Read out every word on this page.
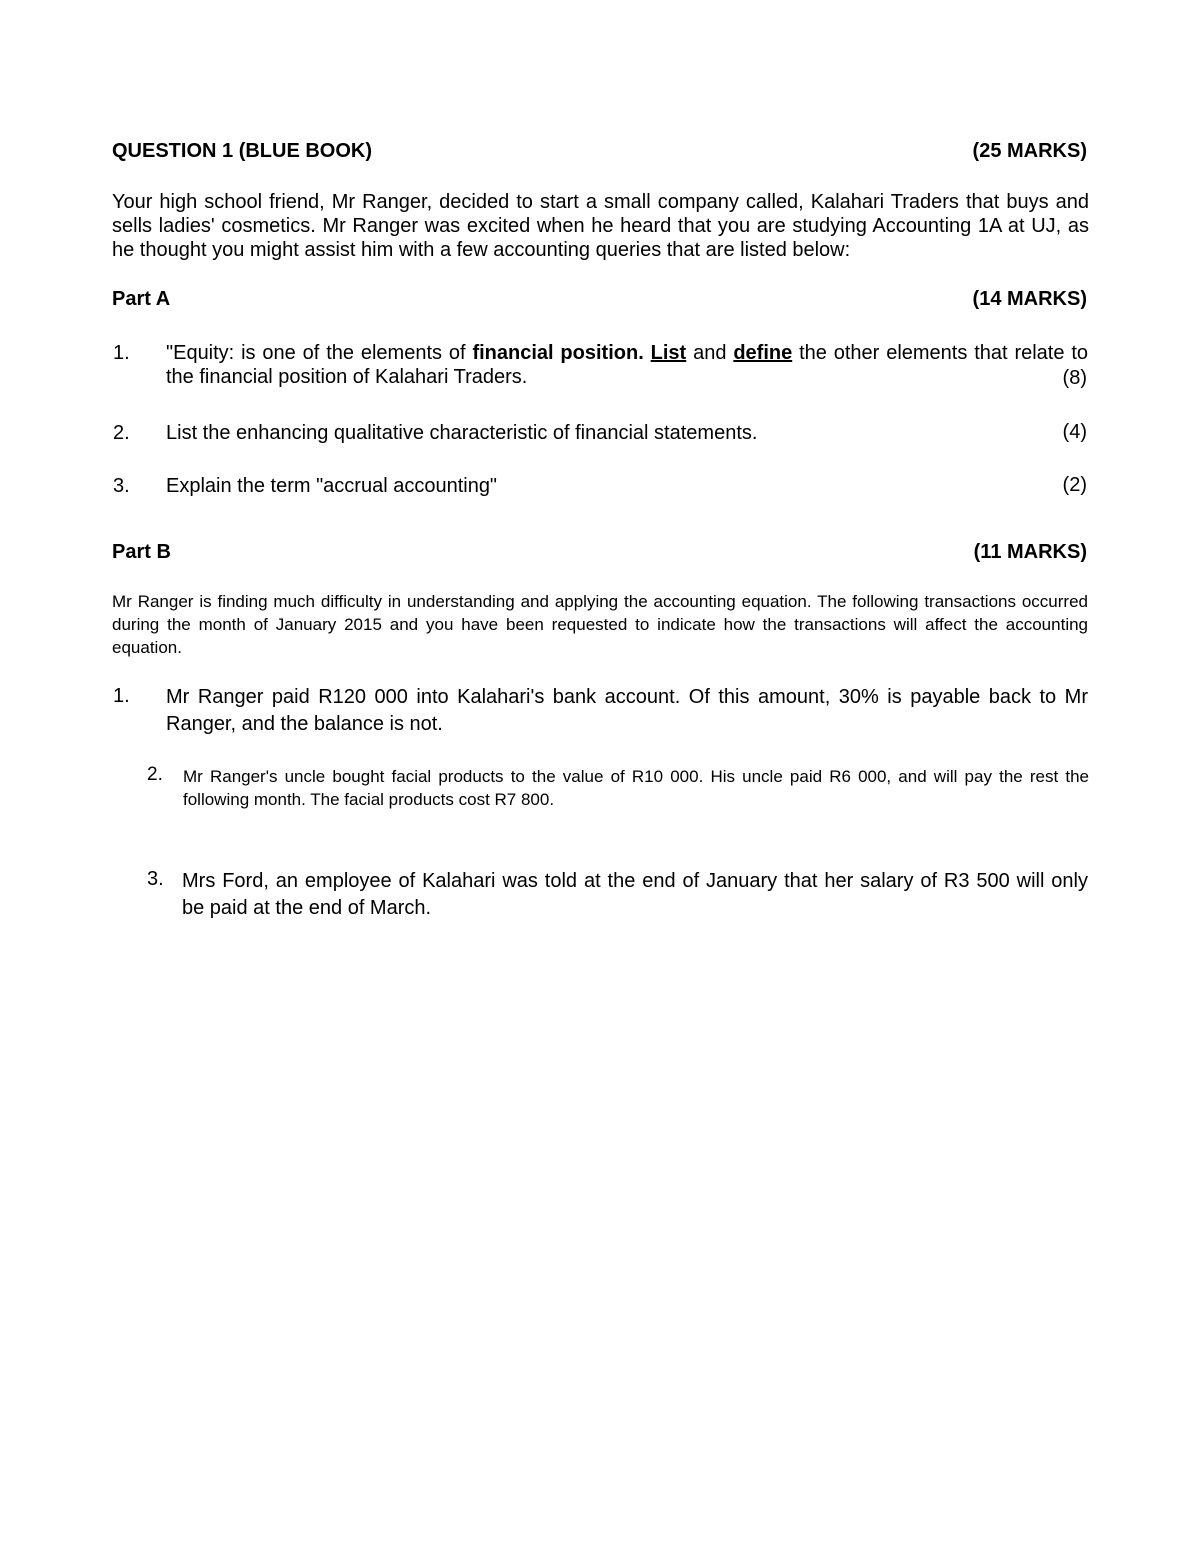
QUESTION 1 (BLUE BOOK)	(25 MARKS)
Your high school friend, Mr Ranger, decided to start a small company called, Kalahari Traders that buys and sells ladies' cosmetics. Mr Ranger was excited when he heard that you are studying Accounting 1A at UJ, as he thought you might assist him with a few accounting queries that are listed below:
Part A	(14 MARKS)
1. "Equity: is one of the elements of financial position. List and define the other elements that relate to the financial position of Kalahari Traders.	(8)
2. List the enhancing qualitative characteristic of financial statements.	(4)
3. Explain the term "accrual accounting"	(2)
Part B	(11 MARKS)
Mr Ranger is finding much difficulty in understanding and applying the accounting equation. The following transactions occurred during the month of January 2015 and you have been requested to indicate how the transactions will affect the accounting equation.
1. Mr Ranger paid R120 000 into Kalahari's bank account. Of this amount, 30% is payable back to Mr Ranger, and the balance is not.
2. Mr Ranger's uncle bought facial products to the value of R10 000. His uncle paid R6 000, and will pay the rest the following month. The facial products cost R7 800.
3. Mrs Ford, an employee of Kalahari was told at the end of January that her salary of R3 500 will only be paid at the end of March.
